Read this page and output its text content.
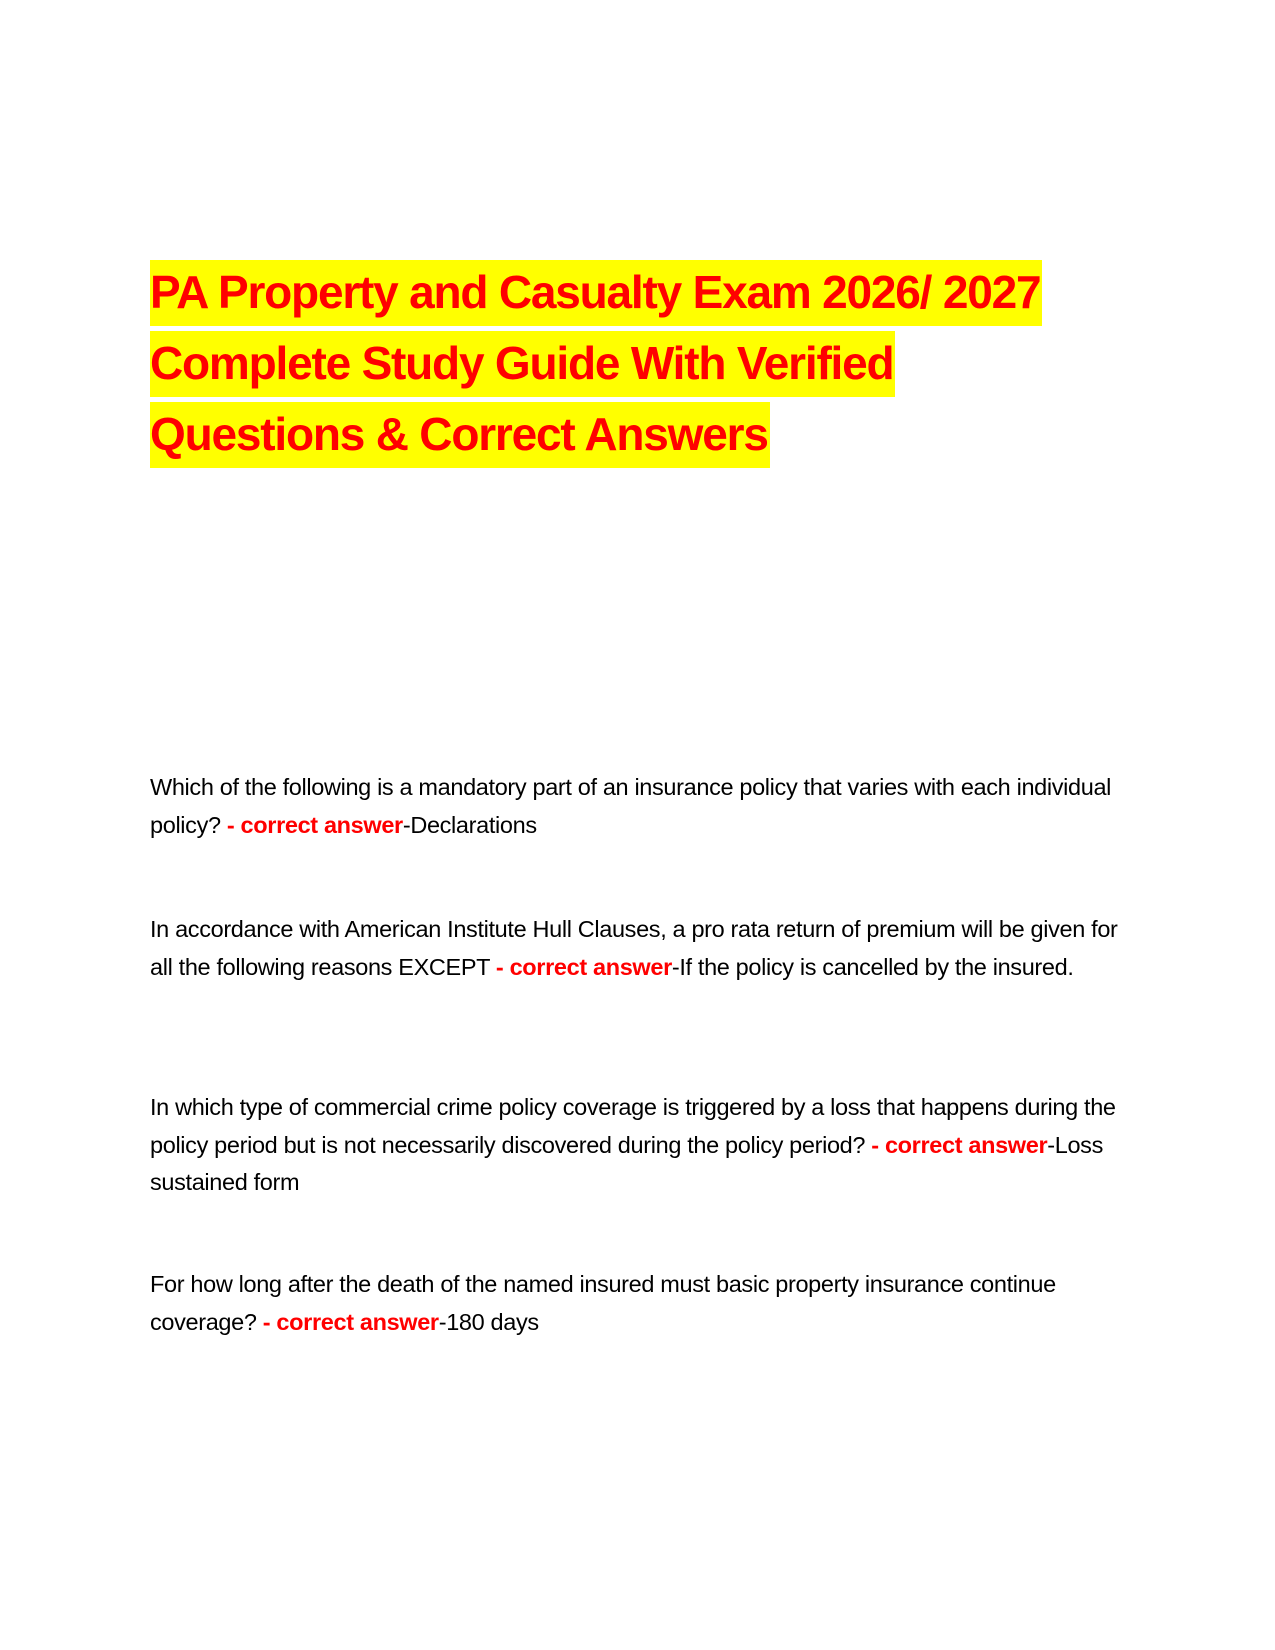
PA Property and Casualty Exam 2026/ 2027
Complete Study Guide With Verified
Questions & Correct Answers
Which of the following is a mandatory part of an insurance policy that varies with each individual policy? - correct answer-Declarations
In accordance with American Institute Hull Clauses, a pro rata return of premium will be given for all the following reasons EXCEPT - correct answer-If the policy is cancelled by the insured.
In which type of commercial crime policy coverage is triggered by a loss that happens during the policy period but is not necessarily discovered during the policy period? - correct answer-Loss sustained form
For how long after the death of the named insured must basic property insurance continue coverage? - correct answer-180 days
